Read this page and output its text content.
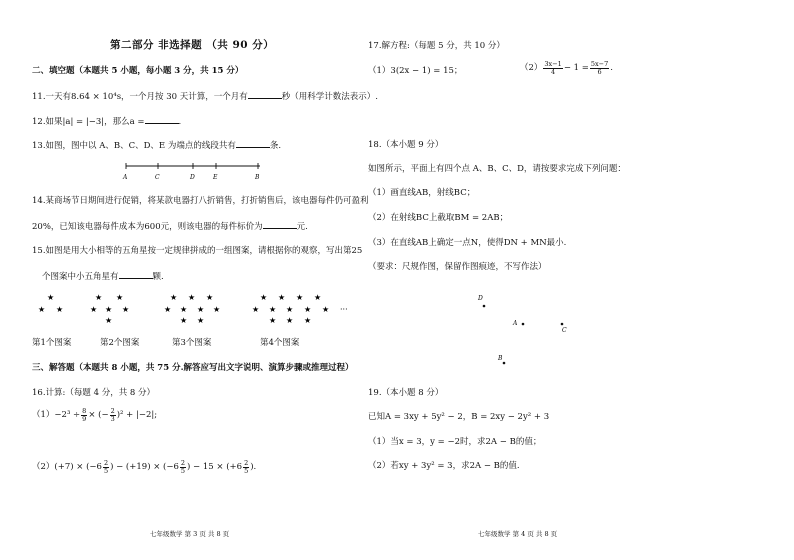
第二部分 非选择题 （共 90 分）
二、填空题（本题共 5 小题，每小题 3 分，共 15 分）
11.一天有8.64 × 10⁴s，一个月按 30 天计算，一个月有	秒（用科学计数法表示）.
12.如果|a| = |−3|，那么a =	.
13.如图，图中以 A、B、C、D、E 为端点的线段共有	条.
A	C	D	E	B
14.某商场节日期间进行促销，将某款电器打八折销售，打折销售后，该电器每件仍可盈利
20%，已知该电器每件成本为600元，则该电器的每件标价为	元.
15.如图是用大小相等的五角星按一定规律拼成的一组图案，请根据你的观察，写出第25
个图案中小五角星有	颗.
★
★ ★
★ ★
★ ★ ★
★
★ ★ ★
★ ★ ★ ★
★ ★
★ ★ ★ ★
★ ★ ★ ★ ★
★ ★ ★
···
第1个图案	第2个图案	第3个图案	第4个图案
三、解答题（本题共 8 小题，共 75 分.解答应写出文字说明、演算步骤或推理过程）
16.计算:（每题 4 分，共 8 分）
$(1)-2^3 \div \frac{8}{9}$ × (− $\frac{2}{3} )^2 + |-2|$;
$(2)(+7) \times (-6 \frac{2}{5}$ ) − $(+19) \times (-6 \frac{2}{5}$ ) − $15 \times (+6 \frac{2}{5}$ ).
七年级数学 第 3 页 共 8 页
17.解方程:（每题 5 分，共 10 分）
（1）3(2x − 1) = 15；	$(2) \frac{3x-1}{4} - 1 = \frac{5x-7}{6}$ .
18.（本小题 9 分）
如图所示，平面上有四个点 A、B、C、D，请按要求完成下列问题：
（1）画直线AB，射线BC；
（2）在射线BC上截取BM = 2AB；
（3）在直线AB上确定一点N，使得DN + MN最小.
（要求：尺规作图，保留作图痕迹，不写作法）
D
A
C
B
19.（本小题 8 分）
已知A = 3xy + 5y² − 2，B = 2xy − 2y² + 3
（1）当x = 3，y = −2时，求2A − B的值；
（2）若xy + 3y² = 3，求2A − B的值.
七年级数学 第 4 页 共 8 页
